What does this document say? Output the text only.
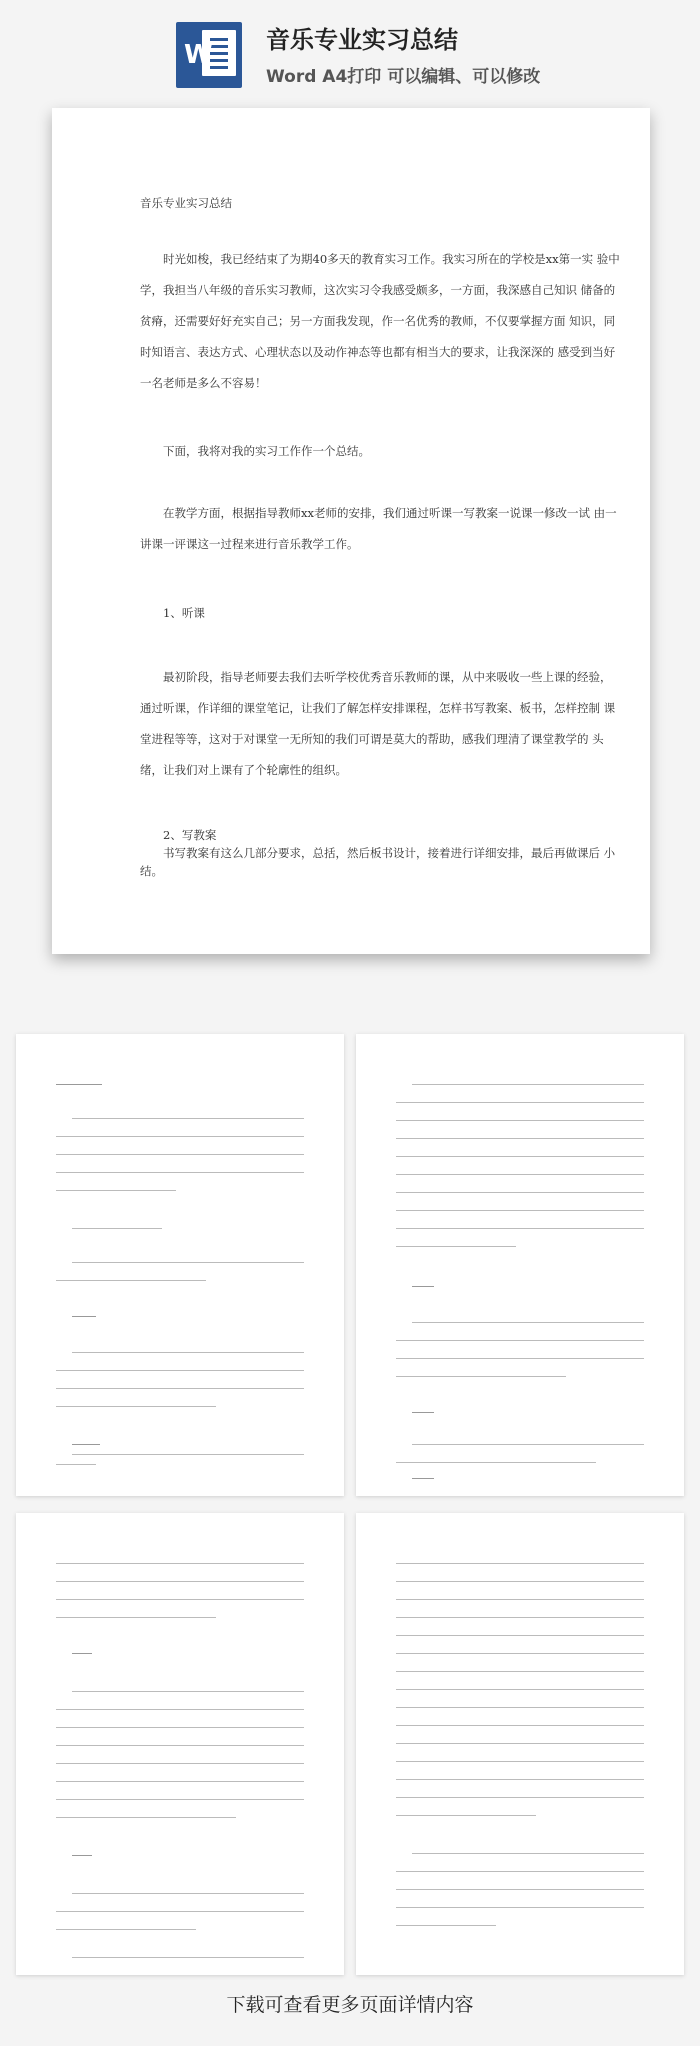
W 音乐专业实习总结
Word A4打印 可以编辑、可以修改
音乐专业实习总结
时光如梭，我已经结束了为期40多天的教育实习工作。我实习所在的学校是xx第一实 验中学，我担当八年级的音乐实习教师，这次实习令我感受颇多，一方面，我深感自己知识 储备的贫瘠，还需要好好充实自己；另一方面我发现，作一名优秀的教师，不仅要掌握方面 知识，同时知语言、表达方式、心理状态以及动作神态等也都有相当大的要求，让我深深的 感受到当好一名老师是多么不容易！
下面，我将对我的实习工作作一个总结。
在教学方面，根据指导教师xx老师的安排，我们通过听课一写教案一说课一修改一试 由一讲课一评课这一过程来进行音乐教学工作。
1、听课
最初阶段，指导老师要去我们去听学校优秀音乐教师的课，从中来吸收一些上课的经验， 通过听课，作详细的课堂笔记，让我们了解怎样安排课程，怎样书写教案、板书，怎样控制 课堂进程等等，这对于对课堂一无所知的我们可谓是莫大的帮助，感我们理清了课堂教学的 头绪，让我们对上课有了个轮廓性的组织。
2、写教案
书写教案有这么几部分要求，总括，然后板书设计，接着进行详细安排，最后再做课后 小结。
下载可查看更多页面详情内容
